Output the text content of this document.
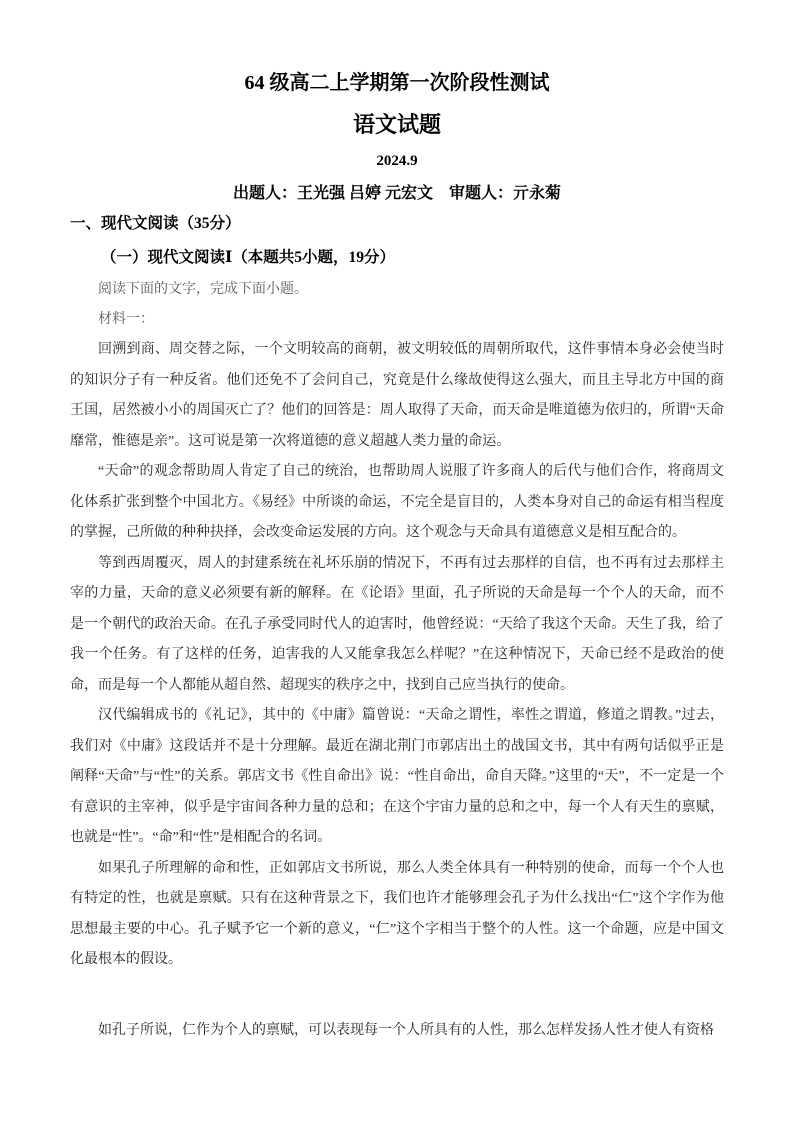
64 级高二上学期第一次阶段性测试
语文试题
2024.9
出题人：王光强 吕婷 元宏文　审题人：亓永菊
一、现代文阅读（35分）
（一）现代文阅读Ⅰ（本题共5小题，19分）

阅读下面的文字，完成下面小题。

材料一：

回溯到商、周交替之际，一个文明较高的商朝，被文明较低的周朝所取代，这件事情本身必会使当时的知识分子有一种反省。他们还免不了会问自己，究竟是什么缘故使得这么强大，而且主导北方中国的商王国，居然被小小的周国灭亡了？他们的回答是：周人取得了天命，而天命是唯道德为依归的，所谓“天命靡常，惟德是亲”。这可说是第一次将道德的意义超越人类力量的命运。

“天命”的观念帮助周人肯定了自己的统治，也帮助周人说服了许多商人的后代与他们合作，将商周文化体系扩张到整个中国北方。《易经》中所谈的命运，不完全是盲目的，人类本身对自己的命运有相当程度的掌握，己所做的种种抉择，会改变命运发展的方向。这个观念与天命具有道德意义是相互配合的。

等到西周覆灭，周人的封建系统在礼坏乐崩的情况下，不再有过去那样的自信，也不再有过去那样主宰的力量，天命的意义必须要有新的解释。在《论语》里面，孔子所说的天命是每一个个人的天命，而不是一个朝代的政治天命。在孔子承受同时代人的迫害时，他曾经说：“天给了我这个天命。天生了我，给了我一个任务。有了这样的任务，迫害我的人又能拿我怎么样呢？”在这种情况下，天命已经不是政治的使命，而是每一个人都能从超自然、超现实的秩序之中，找到自己应当执行的使命。

汉代编辑成书的《礼记》，其中的《中庸》篇曾说：“天命之谓性，率性之谓道，修道之谓教。”过去，我们对《中庸》这段话并不是十分理解。最近在湖北荆门市郭店出土的战国文书，其中有两句话似乎正是阐释“天命”与“性”的关系。郭店文书《性自命出》说：“性自命出，命自天降。”这里的“天”，不一定是一个有意识的主宰神，似乎是宇宙间各种力量的总和；在这个宇宙力量的总和之中，每一个人有天生的禀赋，也就是“性”。“命”和“性”是相配合的名词。

如果孔子所理解的命和性，正如郭店文书所说，那么人类全体具有一种特别的使命，而每一个个人也有特定的性，也就是禀赋。只有在这种背景之下，我们也许才能够理会孔子为什么找出“仁”这个字作为他思想最主要的中心。孔子赋予它一个新的意义，“仁”这个字相当于整个的人性。这一个命题，应是中国文化最根本的假设。

如孔子所说，仁作为个人的禀赋，可以表现每一个人所具有的人性，那么怎样发扬人性才使人有资格
